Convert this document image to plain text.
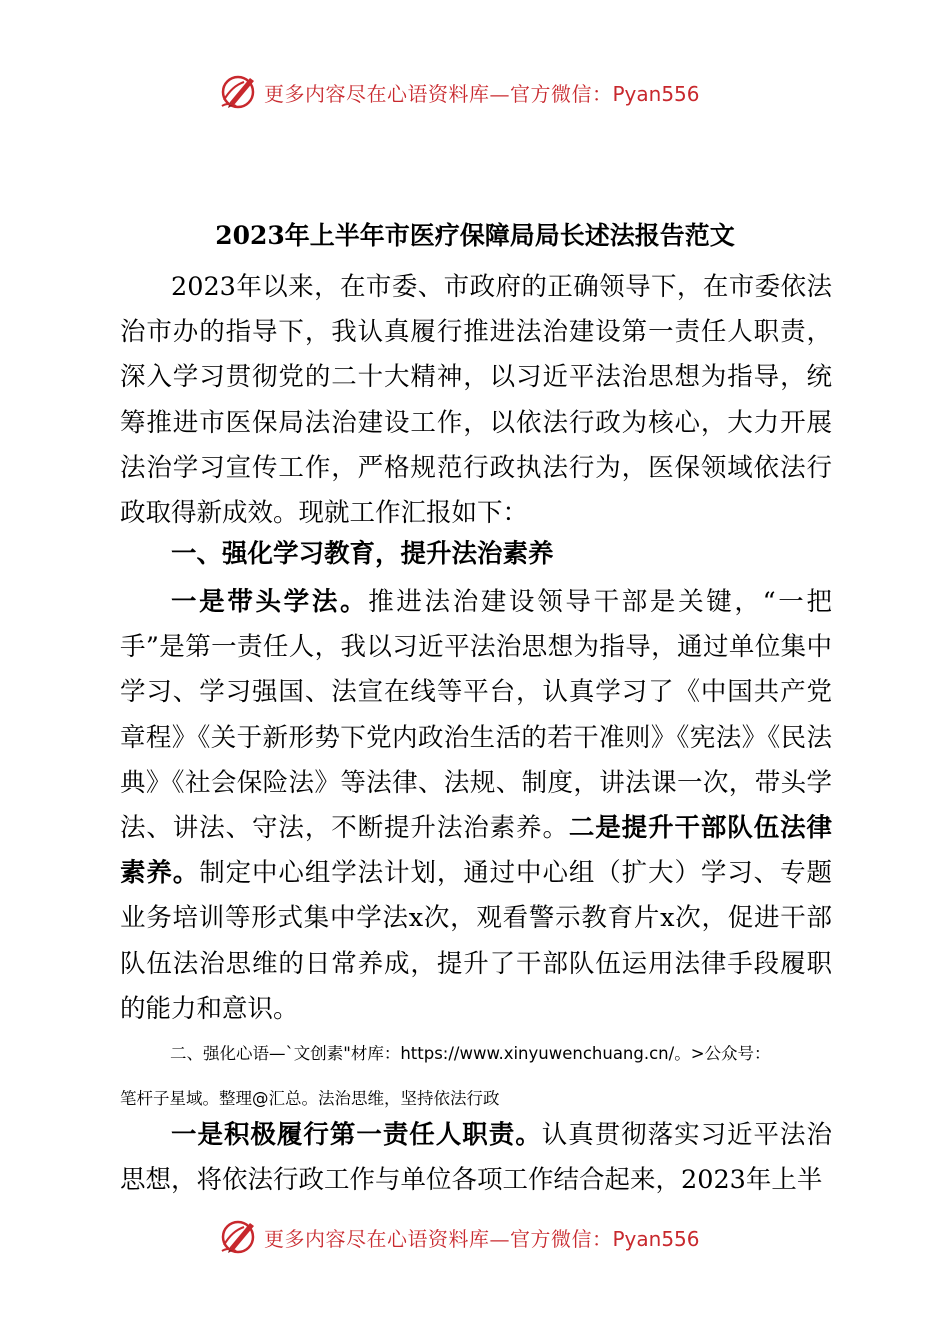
更多内容尽在心语资料库—官方微信：Pyan556
2023年上半年市医疗保障局局长述法报告范文

2023年以来，在市委、市政府的正确领导下，在市委依法治市办的指导下，我认真履行推进法治建设第一责任人职责，深入学习贯彻党的二十大精神，以习近平法治思想为指导，统筹推进市医保局法治建设工作，以依法行政为核心，大力开展法治学习宣传工作，严格规范行政执法行为，医保领域依法行政取得新成效。现就工作汇报如下：

一、强化学习教育，提升法治素养

一是带头学法。推进法治建设领导干部是关键，“一把手”是第一责任人，我以习近平法治思想为指导，通过单位集中学习、学习强国、法宣在线等平台，认真学习了《中国共产党章程》《关于新形势下党内政治生活的若干准则》《宪法》《民法典》《社会保险法》等法律、法规、制度，讲法课一次，带头学法、讲法、守法，不断提升法治素养。二是提升干部队伍法律素养。制定中心组学法计划，通过中心组（扩大）学习、专题业务培训等形式集中学法x次，观看警示教育片x次，促进干部队伍法治思维的日常养成，提升了干部队伍运用法律手段履职的能力和意识。

二、强化心语—`文创素"材库：https://www.xinyuwenchuang.cn/。>公众号：

笔杆子星域。整理@汇总。法治思维，坚持依法行政

一是积极履行第一责任人职责。认真贯彻落实习近平法治思想，将依法行政工作与单位各项工作结合起来，2023年上半

更多内容尽在心语资料库—官方微信：Pyan556
